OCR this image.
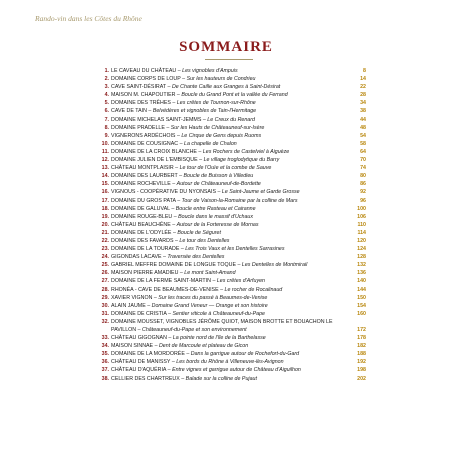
Rando-vin dans les Côtes du Rhône
SOMMAIRE
1. LE CAVEAU DU CHÂTEAU – Les vignobles d'Ampuis	8
2. DOMAINE CORPS DE LOUP – Sur les hauteurs de Condrieu	14
3. CAVE SAINT-DÉSIRAT – De Chante Caille aux Granges à Saint-Désirat	22
4. MAISON M. CHAPOUTIER – Boucle du Grand Pont et la vallée du Ferrand	28
5. DOMAINE DES TRÊHES – Les crêtes de Tournon-sur-Rhône	34
6. CAVE DE TAIN – Belvédères et vignobles de Tain-l'Hermitage	38
7. DOMAINE MICHELAS SAINT-JEMMS – Le Creux du Renard	44
8. DOMAINE PRADELLE – Sur les Hauts de Châteauneuf-sur-Isère	48
9. VIGNERONS ARDÉCHOIS – Le Cirque de Gens depuis Ruoms	54
10. DOMAINE DE COUSIGNAC – La chapelle de Chalon	58
11. DOMAINE DE LA CROIX BLANCHE – Les Rochers de Castelviel à Aiguèze	64
12. DOMAINE JULIEN DE L'EMBISQUE – Le village troglodytique du Barry	70
13. CHÂTEAU MONTPLAISIR – Le tour de l'Ouïe et la combe de Sauve	74
14. DOMAINE DES LAURBERT – Boucle de Buisson à Villedieu	80
15. DOMAINE ROCHEVILLE – Autour de Châteauneuf-de-Bordette	86
16. VIGNOUS - COOPÉRATIVE DU NYONSAIS – Le Saint-Jaume et Garde Grosse	92
17. DOMAINE DU GROS PATA – Tour de Vaison-la-Romaine par la colline de Mars	96
18. DOMAINE DE GALUVAL – Boucle entre Rasteau et Cairanne	100
19. DOMAINE ROUGE-BLEU – Boucle dans le massif d'Uchaux	106
20. CHÂTEAU BEAUCHÊNE – Autour de la Forteresse de Mornas	110
21. DOMAINE DE L'ODYLÉE – Boucle de Séguret	114
22. DOMAINE DES FAVARDS – Le tour des Dentelles	120
23. DOMAINE DE LA TOURADE – Les Trois Vaux et les Dentelles Sarrasines	124
24. GIGONDAS LACAVE – Traversée des Dentelles	128
25. GABRIEL MEFFRE DOMAINE DE LONGUE TOQUE – Les Dentelles de Montmirail	132
26. MAISON PIERRE AMADIEU – Le mont Saint-Amand	136
27. DOMAINE DE LA FERME SAINT-MARTIN – Les crêtes d'Arfuyen	140
28. RHONÉA - CAVE DE BEAUMES-DE-VENISE – Le rocher de Rocalinaud	144
29. XAVIER VIGNON – Sur les traces du passé à Beaumes-de-Venise	150
30. ALAIN JAUME – Domaine Grand Veneur — Orange et son histoire	154
31. DOMAINE DE CRISTIA – Sentier viticole à Châteauneuf-du-Pape	160
32. DOMAINE MOUSSET, VIGNOBLES JÉRÔME QUIOT, MAISON BROTTE ET BOUACHON LE PAVILLON – Châteauneuf-du-Pape et son environnement	172
33. CHÂTEAU GIGOGNAN – La pointe nord de l'île de la Barthelasse	178
34. MAISON SINNAE – Dent de Marcoule et plateau de Gicon	182
35. DOMAINE DE LA MORDORÉE – Dans la garrigue autour de Rochefort-du-Gard	188
36. CHÂTEAU DE MANISSY – Les bords du Rhône à Villeneuve-lès-Avignon	192
37. CHÂTEAU D'AQUÉRIA – Entre vignes et garrigue autour de Château d'Aiguilhon	198
38. CELLIER DES CHARTREUX – Balade sur la colline de Pujaut	202
